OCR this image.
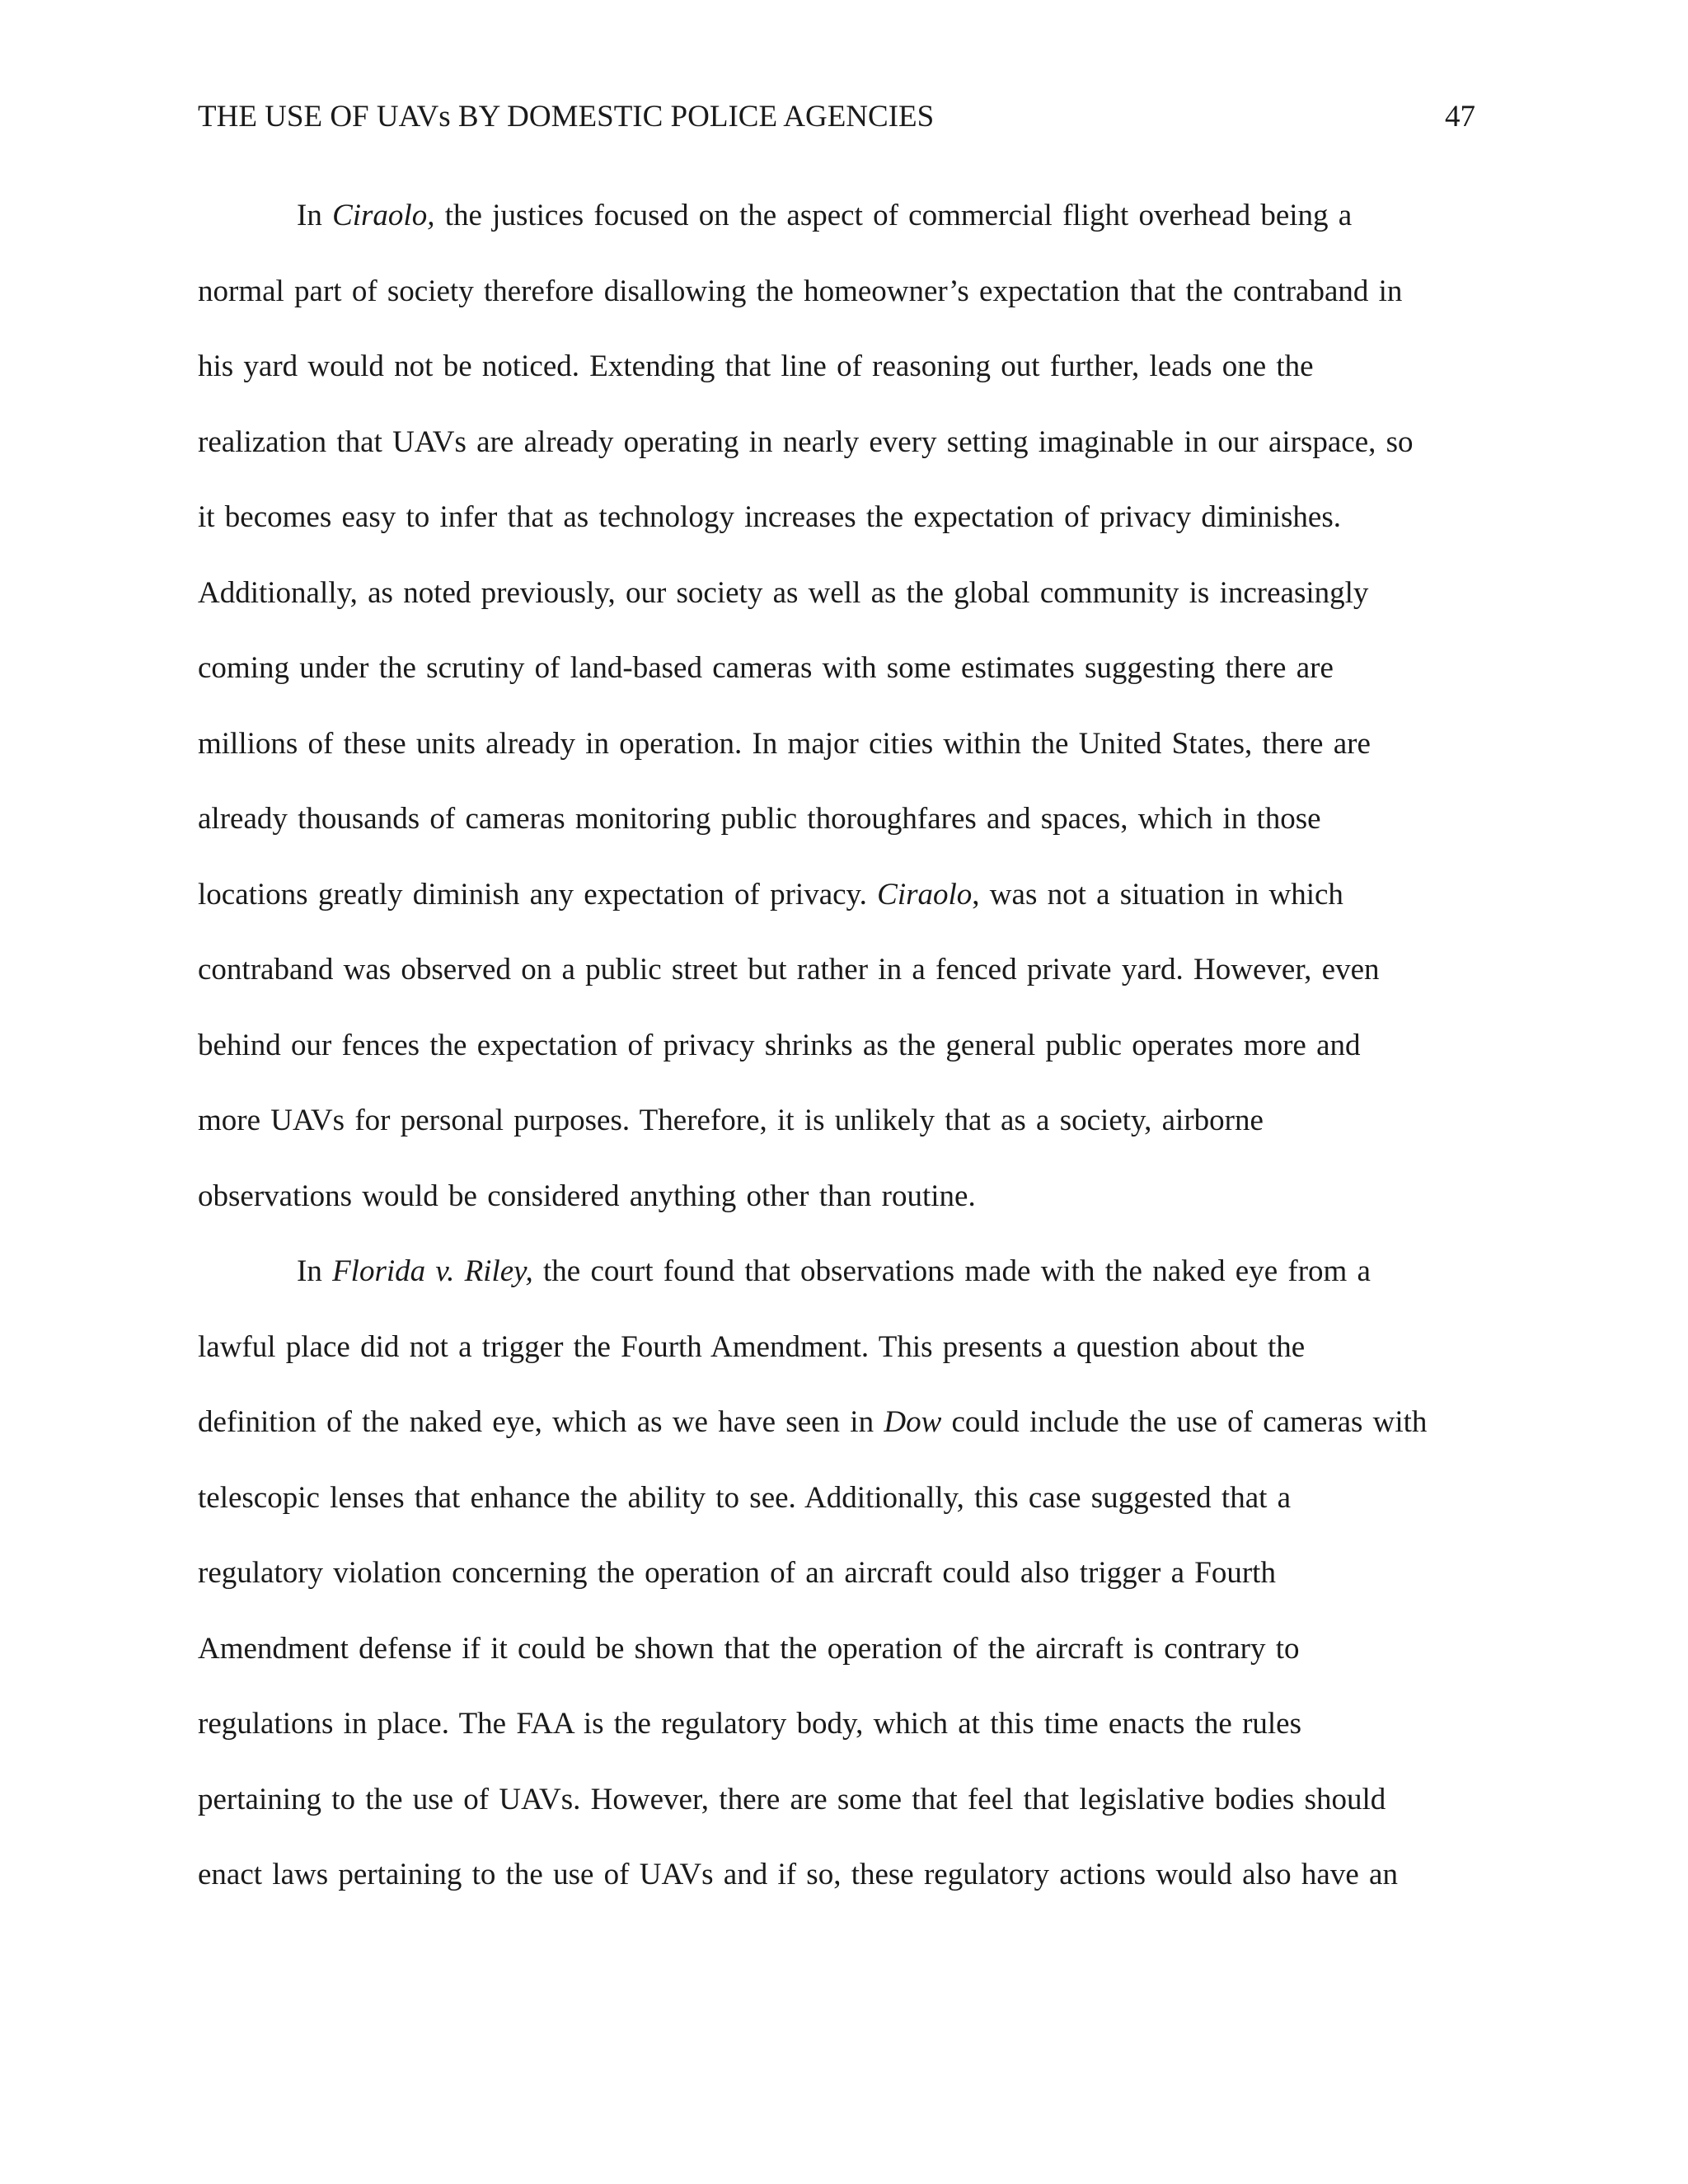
THE USE OF UAVs BY DOMESTIC POLICE AGENCIES	47
In Ciraolo, the justices focused on the aspect of commercial flight overhead being a
normal part of society therefore disallowing the homeowner’s expectation that the contraband in
his yard would not be noticed. Extending that line of reasoning out further, leads one the
realization that UAVs are already operating in nearly every setting imaginable in our airspace, so
it becomes easy to infer that as technology increases the expectation of privacy diminishes.
Additionally, as noted previously, our society as well as the global community is increasingly
coming under the scrutiny of land-based cameras with some estimates suggesting there are
millions of these units already in operation. In major cities within the United States, there are
already thousands of cameras monitoring public thoroughfares and spaces, which in those
locations greatly diminish any expectation of privacy. Ciraolo, was not a situation in which
contraband was observed on a public street but rather in a fenced private yard. However, even
behind our fences the expectation of privacy shrinks as the general public operates more and
more UAVs for personal purposes. Therefore, it is unlikely that as a society, airborne
observations would be considered anything other than routine.
In Florida v. Riley, the court found that observations made with the naked eye from a
lawful place did not a trigger the Fourth Amendment. This presents a question about the
definition of the naked eye, which as we have seen in Dow could include the use of cameras with
telescopic lenses that enhance the ability to see. Additionally, this case suggested that a
regulatory violation concerning the operation of an aircraft could also trigger a Fourth
Amendment defense if it could be shown that the operation of the aircraft is contrary to
regulations in place. The FAA is the regulatory body, which at this time enacts the rules
pertaining to the use of UAVs. However, there are some that feel that legislative bodies should
enact laws pertaining to the use of UAVs and if so, these regulatory actions would also have an
